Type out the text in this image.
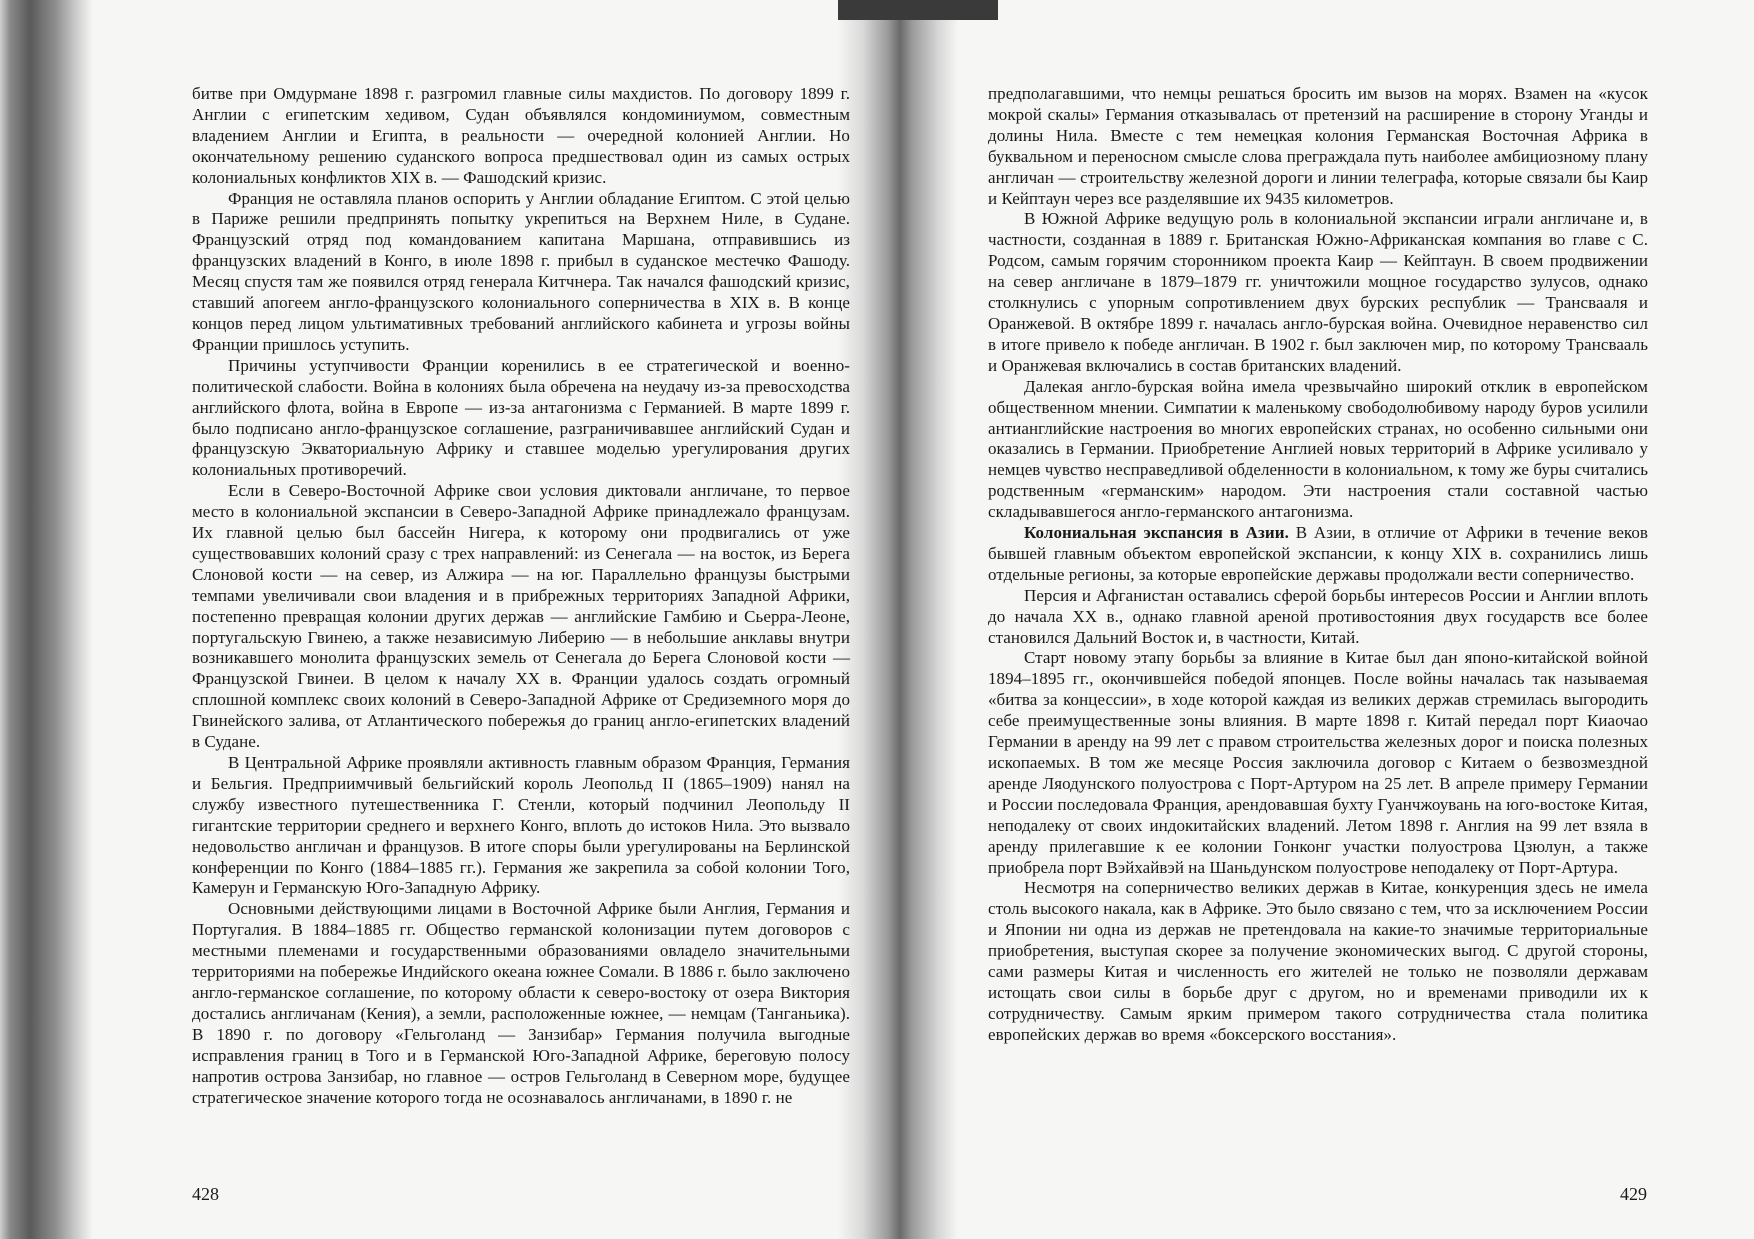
битве при Омдурмане 1898 г. разгромил главные силы махдистов. По договору 1899 г. Англии с египетским хедивом, Судан объявлялся кондоминиумом, совместным владением Англии и Египта, в реальности — очередной колонией Англии. Но окончательному решению суданского вопроса предшествовал один из самых острых колониальных конфликтов XIX в. — Фашодский кризис.

Франция не оставляла планов оспорить у Англии обладание Египтом. С этой целью в Париже решили предпринять попытку укрепиться на Верхнем Ниле, в Судане. Французский отряд под командованием капитана Маршана, отправившись из французских владений в Конго, в июле 1898 г. прибыл в суданское местечко Фашоду. Месяц спустя там же появился отряд генерала Китчнера. Так начался фашодский кризис, ставший апогеем англо-французского колониального соперничества в XIX в. В конце концов перед лицом ультимативных требований английского кабинета и угрозы войны Франции пришлось уступить.

Причины уступчивости Франции коренились в ее стратегической и военно-политической слабости. Война в колониях была обречена на неудачу из-за превосходства английского флота, война в Европе — из-за антагонизма с Германией. В марте 1899 г. было подписано англо-французское соглашение, разграничивавшее английский Судан и французскую Экваториальную Африку и ставшее моделью урегулирования других колониальных противоречий.

Если в Северо-Восточной Африке свои условия диктовали англичане, то первое место в колониальной экспансии в Северо-Западной Африке принадлежало французам. Их главной целью был бассейн Нигера, к которому они продвигались от уже существовавших колоний сразу с трех направлений: из Сенегала — на восток, из Берега Слоновой кости — на север, из Алжира — на юг. Параллельно французы быстрыми темпами увеличивали свои владения и в прибрежных территориях Западной Африки, постепенно превращая колонии других держав — английские Гамбию и Сьерра-Леоне, португальскую Гвинею, а также независимую Либерию — в небольшие анклавы внутри возникавшего монолита французских земель от Сенегала до Берега Слоновой кости — Французской Гвинеи. В целом к началу XX в. Франции удалось создать огромный сплошной комплекс своих колоний в Северо-Западной Африке от Средиземного моря до Гвинейского залива, от Атлантического побережья до границ англо-египетских владений в Судане.

В Центральной Африке проявляли активность главным образом Франция, Германия и Бельгия. Предприимчивый бельгийский король Леопольд II (1865–1909) нанял на службу известного путешественника Г. Стенли, который подчинил Леопольду II гигантские территории среднего и верхнего Конго, вплоть до истоков Нила. Это вызвало недовольство англичан и французов. В итоге споры были урегулированы на Берлинской конференции по Конго (1884–1885 гг.). Германия же закрепила за собой колонии Того, Камерун и Германскую Юго-Западную Африку.

Основными действующими лицами в Восточной Африке были Англия, Германия и Португалия. В 1884–1885 гг. Общество германской колонизации путем договоров с местными племенами и государственными образованиями овладело значительными территориями на побережье Индийского океана южнее Сомали. В 1886 г. было заключено англо-германское соглашение, по которому области к северо-востоку от озера Виктория достались англичанам (Кения), а земли, расположенные южнее, — немцам (Танганьика). В 1890 г. по договору «Гельголанд — Занзибар» Германия получила выгодные исправления границ в Того и в Германской Юго-Западной Африке, береговую полосу напротив острова Занзибар, но главное — остров Гельголанд в Северном море, будущее стратегическое значение которого тогда не осознавалось англичанами, в 1890 г. не

428

предполагавшими, что немцы решаться бросить им вызов на морях. Взамен на «кусок мокрой скалы» Германия отказывалась от претензий на расширение в сторону Уганды и долины Нила. Вместе с тем немецкая колония Германская Восточная Африка в буквальном и переносном смысле слова преграждала путь наиболее амбициозному плану англичан — строительству железной дороги и линии телеграфа, которые связали бы Каир и Кейптаун через все разделявшие их 9435 километров.

В Южной Африке ведущую роль в колониальной экспансии играли англичане и, в частности, созданная в 1889 г. Британская Южно-Африканская компания во главе с С. Родсом, самым горячим сторонником проекта Каир — Кейптаун. В своем продвижении на север англичане в 1879–1879 гг. уничтожили мощное государство зулусов, однако столкнулись с упорным сопротивлением двух бурских республик — Трансвааля и Оранжевой. В октябре 1899 г. началась англо-бурская война. Очевидное неравенство сил в итоге привело к победе англичан. В 1902 г. был заключен мир, по которому Трансвааль и Оранжевая включались в состав британских владений.

Далекая англо-бурская война имела чрезвычайно широкий отклик в европейском общественном мнении. Симпатии к маленькому свободолюбивому народу буров усилили антианглийские настроения во многих европейских странах, но особенно сильными они оказались в Германии. Приобретение Англией новых территорий в Африке усиливало у немцев чувство несправедливой обделенности в колониальном, к тому же буры считались родственным «германским» народом. Эти настроения стали составной частью складывавшегося англо-германского антагонизма.

Колониальная экспансия в Азии. В Азии, в отличие от Африки в течение веков бывшей главным объектом европейской экспансии, к концу XIX в. сохранились лишь отдельные регионы, за которые европейские державы продолжали вести соперничество.

Персия и Афганистан оставались сферой борьбы интересов России и Англии вплоть до начала XX в., однако главной ареной противостояния двух государств все более становился Дальний Восток и, в частности, Китай.

Старт новому этапу борьбы за влияние в Китае был дан японо-китайской войной 1894–1895 гг., окончившейся победой японцев. После войны началась так называемая «битва за концессии», в ходе которой каждая из великих держав стремилась выгородить себе преимущественные зоны влияния. В марте 1898 г. Китай передал порт Киаочао Германии в аренду на 99 лет с правом строительства железных дорог и поиска полезных ископаемых. В том же месяце Россия заключила договор с Китаем о безвозмездной аренде Ляодунского полуострова с Порт-Артуром на 25 лет. В апреле примеру Германии и России последовала Франция, арендовавшая бухту Гуанчжоувань на юго-востоке Китая, неподалеку от своих индокитайских владений. Летом 1898 г. Англия на 99 лет взяла в аренду прилегавшие к ее колонии Гонконг участки полуострова Цзюлун, а также приобрела порт Вэйхайвэй на Шаньдунском полуострове неподалеку от Порт-Артура.

Несмотря на соперничество великих держав в Китае, конкуренция здесь не имела столь высокого накала, как в Африке. Это было связано с тем, что за исключением России и Японии ни одна из держав не претендовала на какие-то значимые территориальные приобретения, выступая скорее за получение экономических выгод. С другой стороны, сами размеры Китая и численность его жителей не только не позволяли державам истощать свои силы в борьбе друг с другом, но и временами приводили их к сотрудничеству. Самым ярким примером такого сотрудничества стала политика европейских держав во время «боксерского восстания».

429
